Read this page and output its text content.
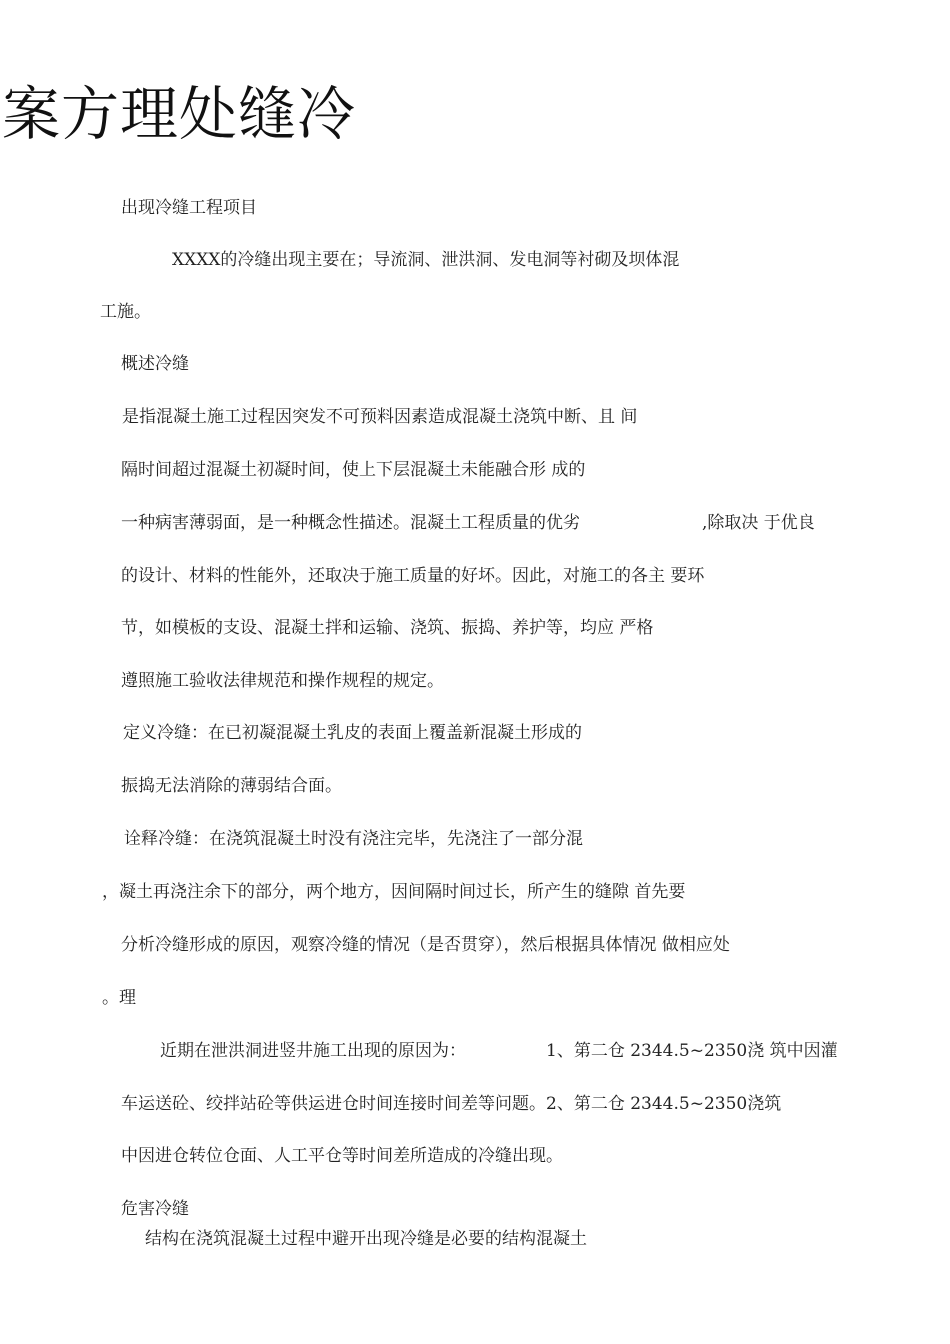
案方理处缝冷
出现冷缝工程项目
XXXX的冷缝出现主要在；导流洞、泄洪洞、发电洞等衬砌及坝体混
工施。
概述冷缝
是指混凝土施工过程因突发不可预料因素造成混凝土浇筑中断、且 间
隔时间超过混凝土初凝时间，使上下层混凝土未能融合形 成的
一种病害薄弱面，是一种概念性描述。混凝土工程质量的优劣	,除取决 于优良
的设计、材料的性能外，还取决于施工质量的好坏。因此，对施工的各主 要环
节，如模板的支设、混凝土拌和运输、浇筑、振捣、养护等，均应 严格
遵照施工验收法律规范和操作规程的规定。
定义冷缝：在已初凝混凝土乳皮的表面上覆盖新混凝土形成的
振捣无法消除的薄弱结合面。
诠释冷缝：在浇筑混凝土时没有浇注完毕，先浇注了一部分混
，凝土再浇注余下的部分，两个地方，因间隔时间过长，所产生的缝隙 首先要
分析冷缝形成的原因，观察冷缝的情况（是否贯穿），然后根据具体情况 做相应处
。理
近期在泄洪洞进竖井施工出现的原因为：	1、第二仓 2344.5~2350浇 筑中因灌
车运送砼、绞拌站砼等供运进仓时间连接时间差等问题。2、第二仓 2344.5~2350浇筑
中因进仓转位仓面、人工平仓等时间差所造成的冷缝出现。
危害冷缝
结构在浇筑混凝土过程中避开出现冷缝是必要的结构混凝土
